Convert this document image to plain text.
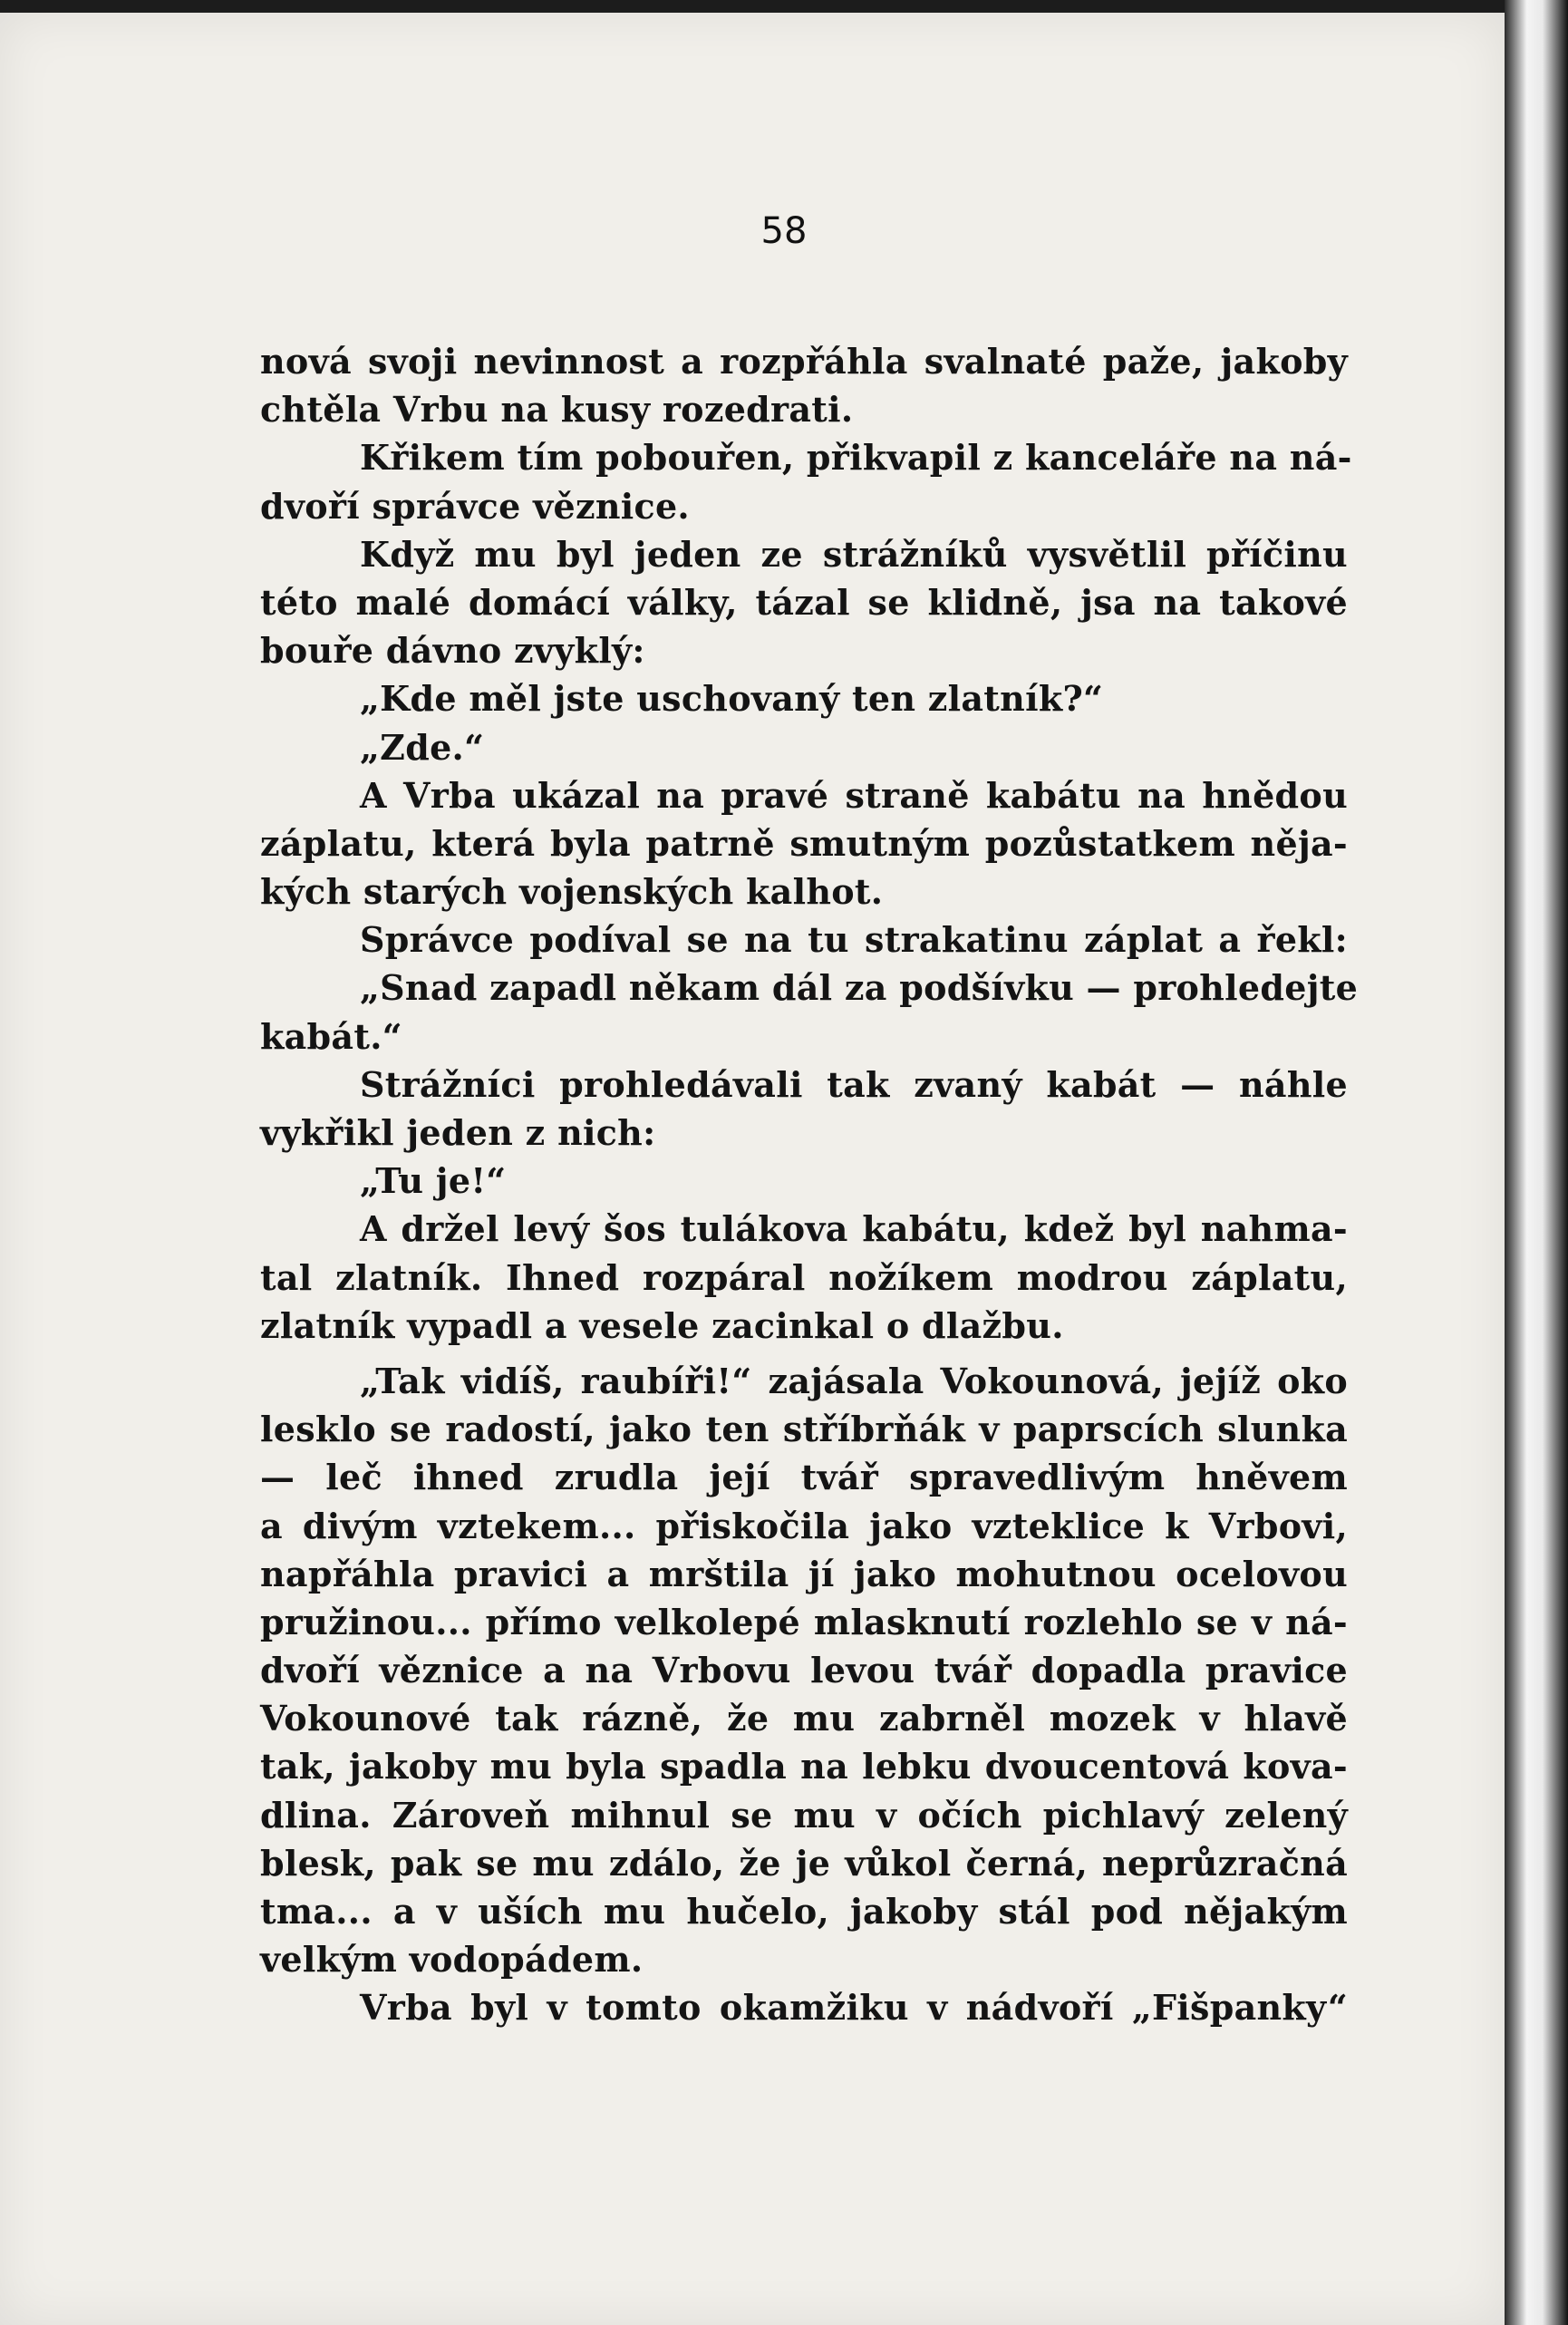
58
nová svoji nevinnost a rozpřáhla svalnaté paže, jakoby
chtěla Vrbu na kusy rozedrati.
Křikem tím pobouřen, přikvapil z kanceláře na ná-
dvoří správce věznice.
Když mu byl jeden ze strážníků vysvětlil příčinu
této malé domácí války, tázal se klidně, jsa na takové
bouře dávno zvyklý:
„Kde měl jste uschovaný ten zlatník?“
„Zde.“
A Vrba ukázal na pravé straně kabátu na hnědou
záplatu, která byla patrně smutným pozůstatkem něja-
kých starých vojenských kalhot.
Správce podíval se na tu strakatinu záplat a řekl:
„Snad zapadl někam dál za podšívku — prohledejte
kabát.“
Strážníci prohledávali tak zvaný kabát — náhle
vykřikl jeden z nich:
„Tu je!“
A držel levý šos tulákova kabátu, kdež byl nahma-
tal zlatník. Ihned rozpáral nožíkem modrou záplatu,
zlatník vypadl a vesele zacinkal o dlažbu.
„Tak vidíš, raubíři!“ zajásala Vokounová, jejíž oko
lesklo se radostí, jako ten stříbrňák v paprscích slunka
— leč ihned zrudla její tvář spravedlivým hněvem
a divým vztekem... přiskočila jako vzteklice k Vrbovi,
napřáhla pravici a mrštila jí jako mohutnou ocelovou
pružinou... přímo velkolepé mlasknutí rozlehlo se v ná-
dvoří věznice a na Vrbovu levou tvář dopadla pravice
Vokounové tak rázně, že mu zabrněl mozek v hlavě
tak, jakoby mu byla spadla na lebku dvoucentová kova-
dlina. Zároveň mihnul se mu v očích pichlavý zelený
blesk, pak se mu zdálo, že je vůkol černá, neprůzračná
tma... a v uších mu hučelo, jakoby stál pod nějakým
velkým vodopádem.
Vrba byl v tomto okamžiku v nádvoří „Fišpanky“
